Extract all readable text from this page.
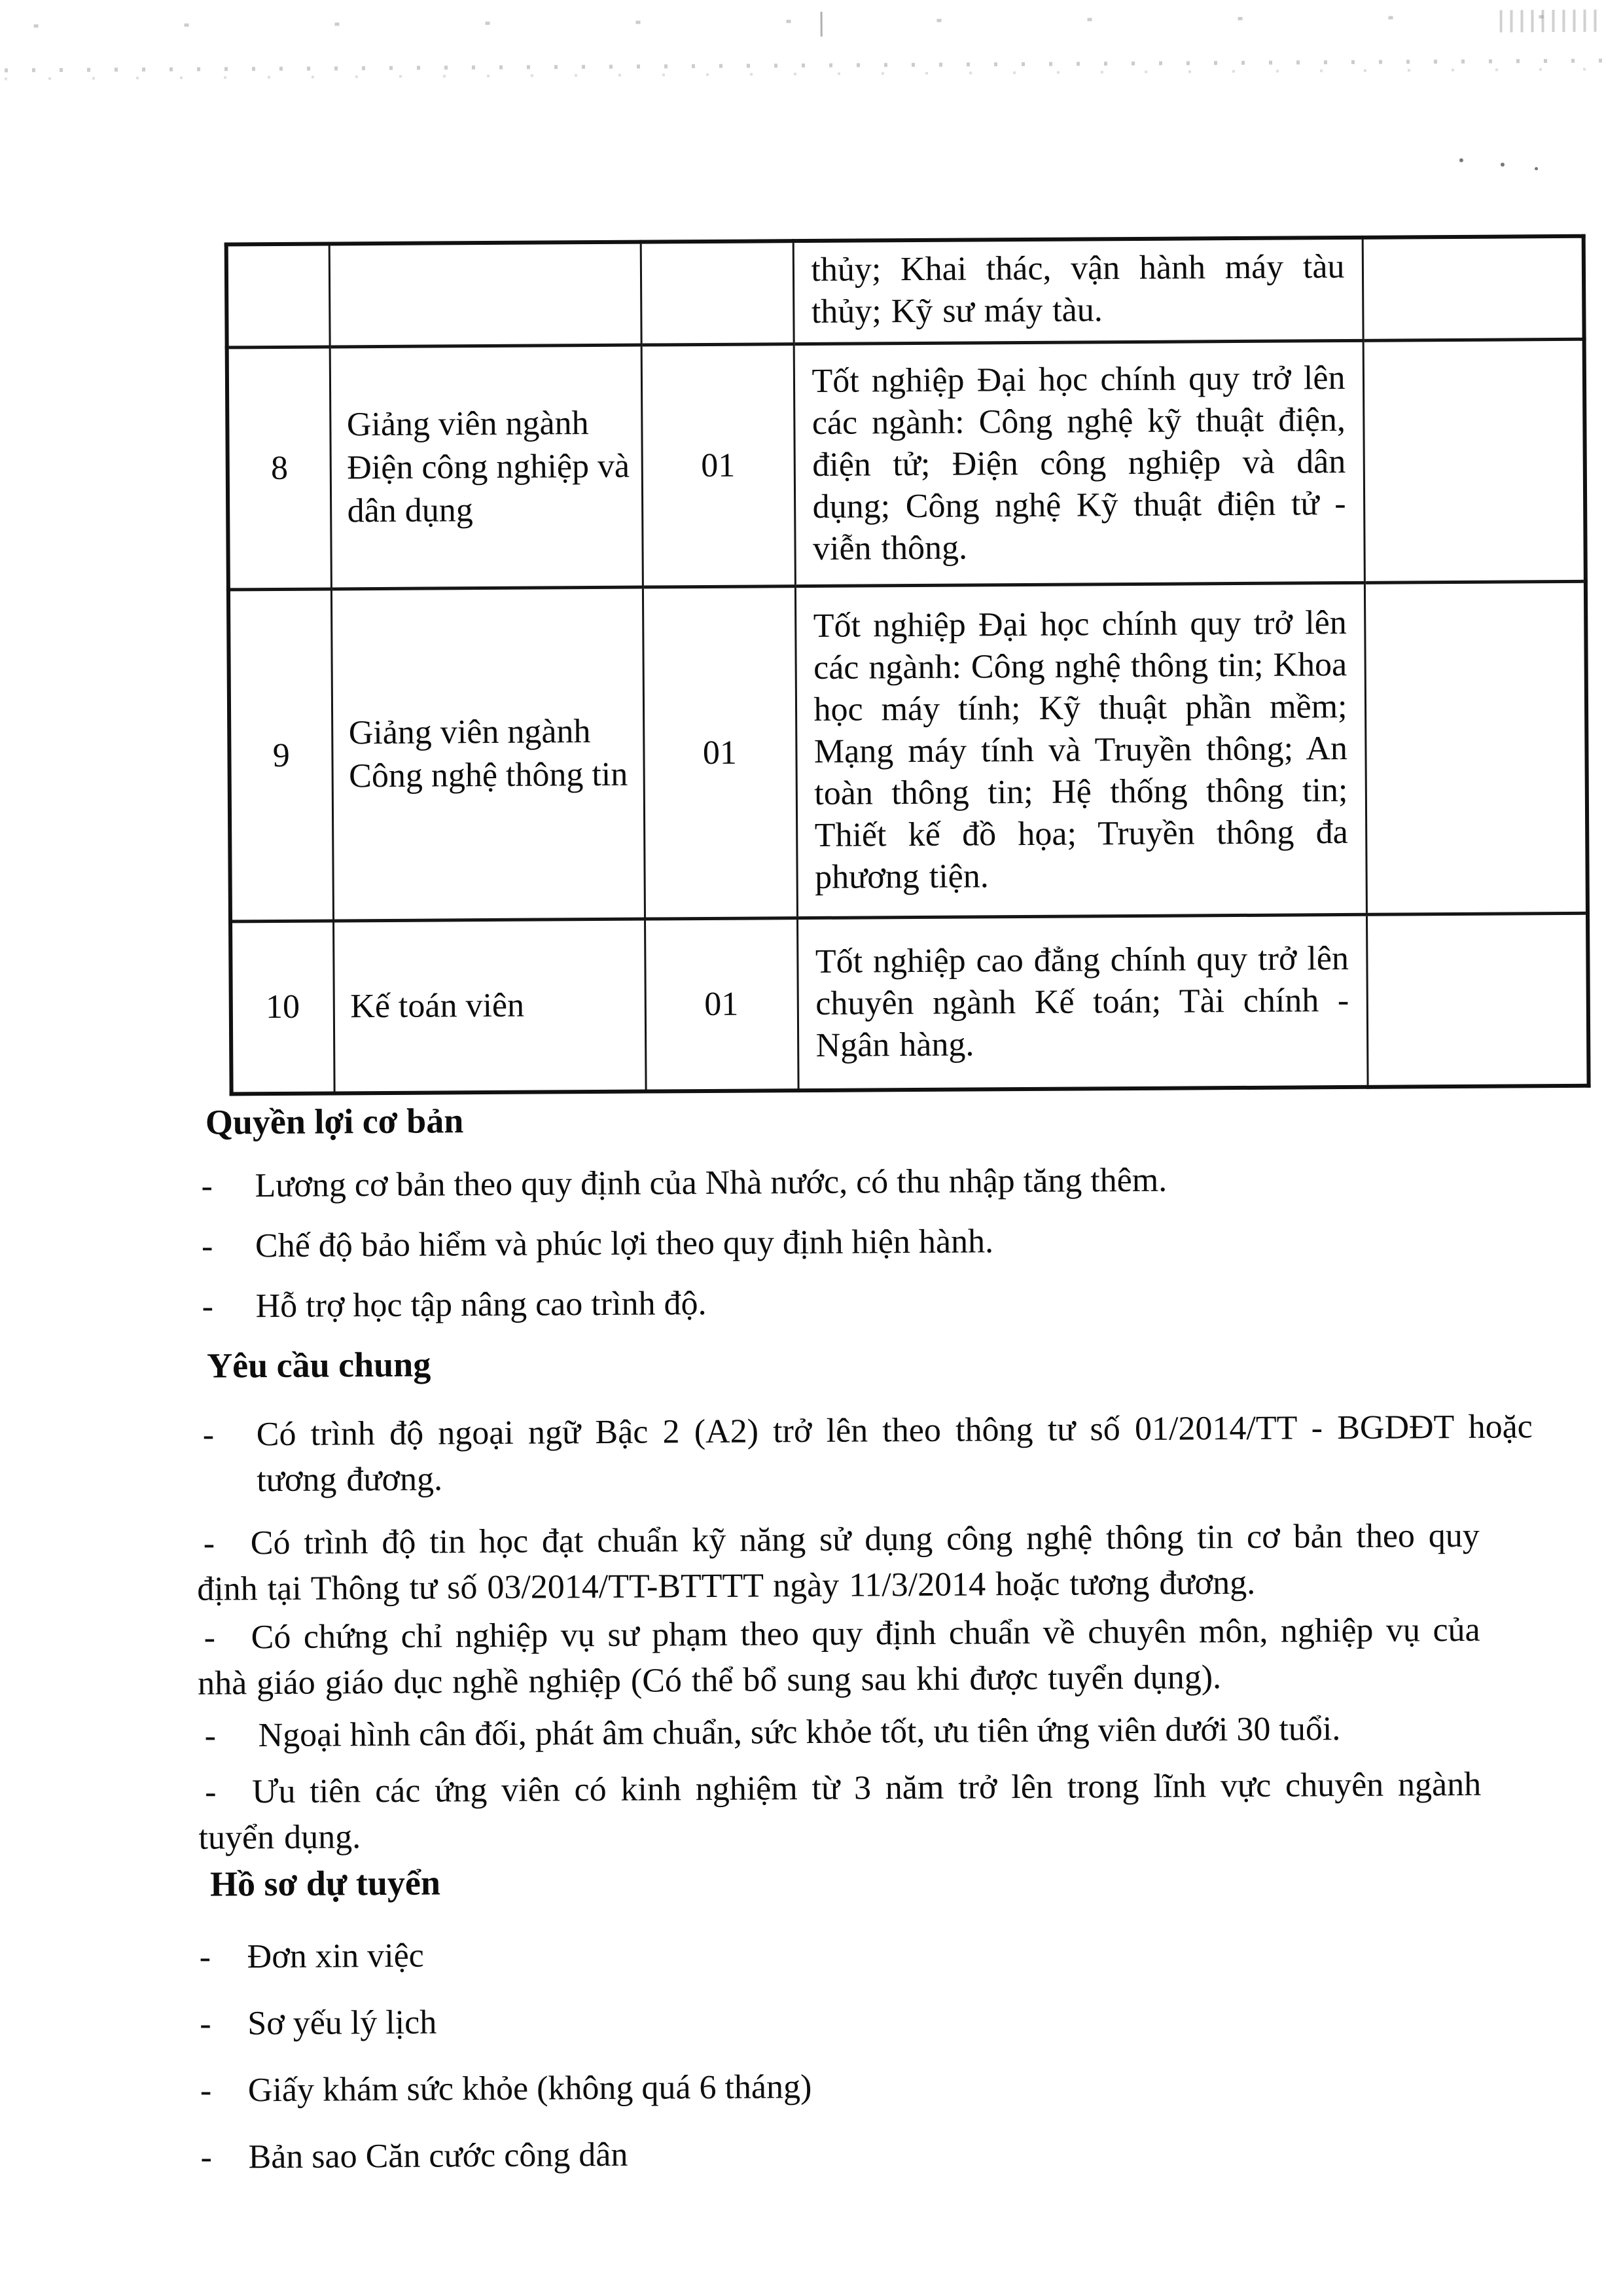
			thủy; Khai thác, vận hành máy tàu thủy; Kỹ sư máy tàu.	
8	Giảng viên ngành Điện công nghiệp và dân dụng	01	Tốt nghiệp Đại học chính quy trở lên các ngành: Công nghệ kỹ thuật điện, điện tử; Điện công nghiệp và dân dụng; Công nghệ Kỹ thuật điện tử - viễn thông.	
9	Giảng viên ngành Công nghệ thông tin	01	Tốt nghiệp Đại học chính quy trở lên các ngành: Công nghệ thông tin; Khoa học máy tính; Kỹ thuật phần mềm; Mạng máy tính và Truyền thông; An toàn thông tin; Hệ thống thông tin; Thiết kế đồ họa; Truyền thông đa phương tiện.	
10	Kế toán viên	01	Tốt nghiệp cao đẳng chính quy trở lên chuyên ngành Kế toán; Tài chính - Ngân hàng.	
Quyền lợi cơ bản
- Lương cơ bản theo quy định của Nhà nước, có thu nhập tăng thêm.
- Chế độ bảo hiểm và phúc lợi theo quy định hiện hành.
- Hỗ trợ học tập nâng cao trình độ.
Yêu cầu chung
- Có trình độ ngoại ngữ Bậc 2 (A2) trở lên theo thông tư số 01/2014/TT - BGDĐT hoặc tương đương.
- Có trình độ tin học đạt chuẩn kỹ năng sử dụng công nghệ thông tin cơ bản theo quy định tại Thông tư số 03/2014/TT-BTTTT ngày 11/3/2014 hoặc tương đương.
- Có chứng chỉ nghiệp vụ sư phạm theo quy định chuẩn về chuyên môn, nghiệp vụ của nhà giáo giáo dục nghề nghiệp (Có thể bổ sung sau khi được tuyển dụng).
- Ngoại hình cân đối, phát âm chuẩn, sức khỏe tốt, ưu tiên ứng viên dưới 30 tuổi.
- Ưu tiên các ứng viên có kinh nghiệm từ 3 năm trở lên trong lĩnh vực chuyên ngành tuyển dụng.
Hồ sơ dự tuyển
- Đơn xin việc
- Sơ yếu lý lịch
- Giấy khám sức khỏe (không quá 6 tháng)
- Bản sao Căn cước công dân
